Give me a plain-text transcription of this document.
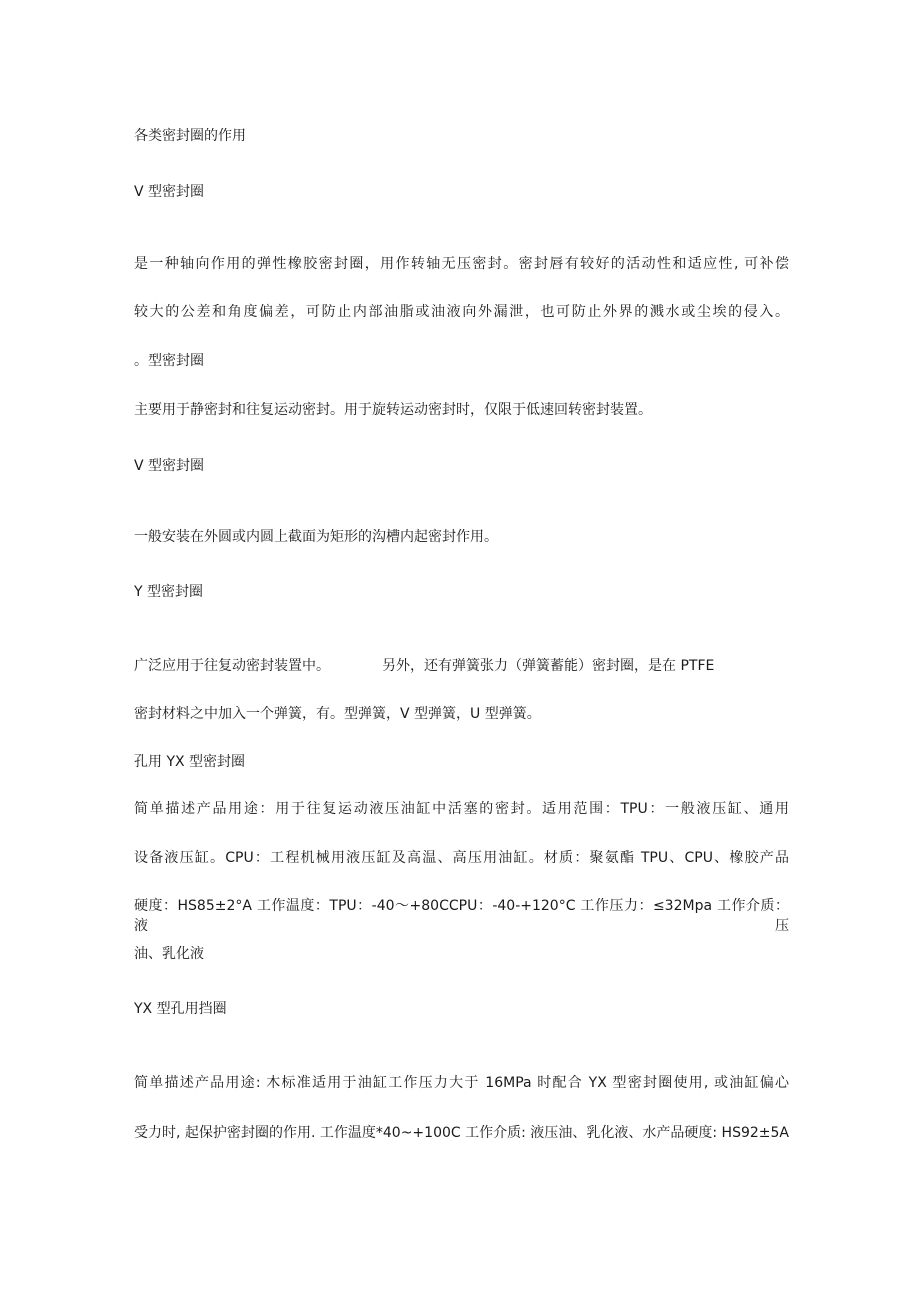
各类密封圈的作用

V 型密封圈

是一种轴向作用的弹性橡胶密封圈，用作转轴无压密封。密封唇有较好的活动性和适应性, 可补偿

较大的公差和角度偏差，可防止内部油脂或油液向外漏泄，也可防止外界的溅水或尘埃的侵入。

。型密封圈

主要用于静密封和往复运动密封。用于旋转运动密封时，仅限于低速回转密封装置。

V 型密封圈

一般安装在外圆或内圆上截面为矩形的沟槽内起密封作用。

Y 型密封圈

广泛应用于往复动密封装置中。	另外，还有弹簧张力（弹簧蓄能）密封圈，是在 PTFE

密封材料之中加入一个弹簧，有。型弹簧，V 型弹簧，U 型弹簧。

孔用 YX 型密封圈

简单描述产品用途：用于往复运动液压油缸中活塞的密封。适用范围：TPU：一般液压缸、通用

设备液压缸。CPU：工程机械用液压缸及高温、高压用油缸。材质：聚氨酯 TPU、CPU、橡胶产品

硬度：HS85±2°A 工作温度：TPU：-40～+80CCPU：-40-+120°C 工作压力：≤32Mpa 工作介质：液压

油、乳化液

YX 型孔用挡圈

简单描述产品用途: 木标准适用于油缸工作压力大于 16MPa 时配合 YX 型密封圈使用, 或油缸偏心

受力时, 起保护密封圈的作用. 工作温度*40~+100C 工作介质: 液压油、乳化液、水产品硬度: HS92±5A
